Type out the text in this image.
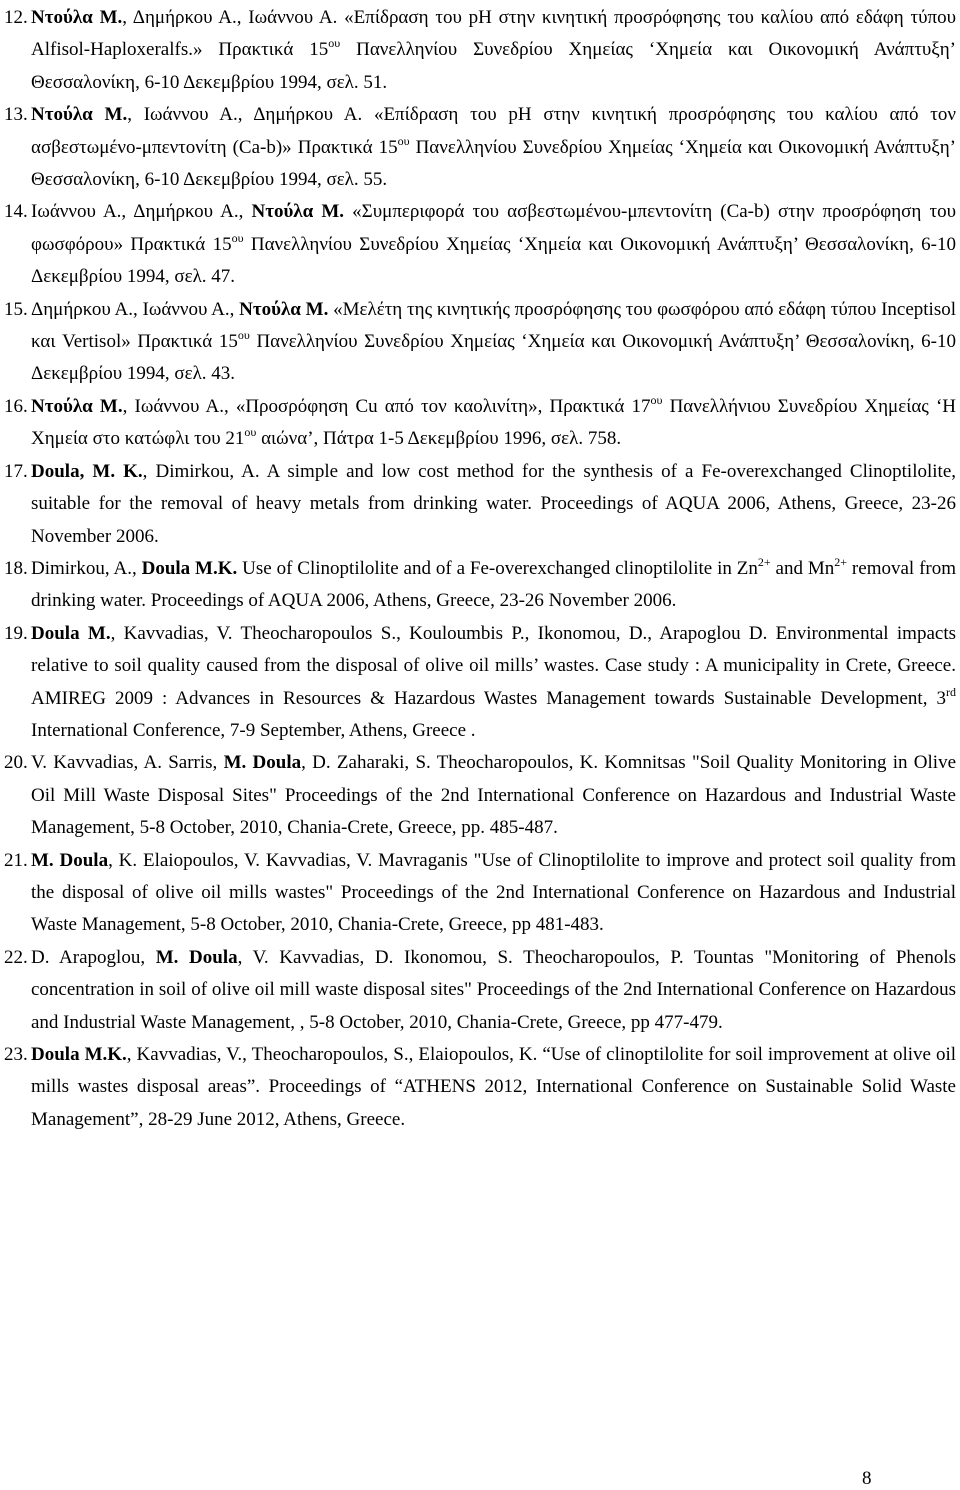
12. Ντούλα Μ., Δημήρκου Α., Ιωάννου Α. «Επίδραση του pH στην κινητική προσρόφησης του καλίου από εδάφη τύπου Alfisol-Haploxeralfs.» Πρακτικά $15^{o\upsilon}$ Πανελληνίου Συνεδρίου Χημείας ‘Χημεία και Οικονομική Ανάπτυξη’ Θεσσαλονίκη, 6-10 Δεκεμβρίου 1994, σελ. 51.
13. Ντούλα Μ., Ιωάννου Α., Δημήρκου Α. «Επίδραση του pH στην κινητική προσρόφησης του καλίου από τον ασβεστωμένο-μπεντονίτη (Ca-b)» Πρακτικά $15^{o\upsilon}$ Πανελληνίου Συνεδρίου Χημείας ‘Χημεία και Οικονομική Ανάπτυξη’ Θεσσαλονίκη, 6-10 Δεκεμβρίου 1994, σελ. 55.
14. Ιωάννου Α., Δημήρκου Α., Ντούλα Μ. «Συμπεριφορά του ασβεστωμένου-μπεντονίτη (Ca-b) στην προσρόφηση του φωσφόρου» Πρακτικά $15^{o\upsilon}$ Πανελληνίου Συνεδρίου Χημείας ‘Χημεία και Οικονομική Ανάπτυξη’ Θεσσαλονίκη, 6-10 Δεκεμβρίου 1994, σελ. 47.
15. Δημήρκου Α., Ιωάννου Α., Ντούλα Μ. «Μελέτη της κινητικής προσρόφησης του φωσφόρου από εδάφη τύπου Inceptisol και Vertisol» Πρακτικά $15^{o\upsilon}$ Πανελληνίου Συνεδρίου Χημείας ‘Χημεία και Οικονομική Ανάπτυξη’ Θεσσαλονίκη, 6-10 Δεκεμβρίου 1994, σελ. 43.
16. Ντούλα Μ., Ιωάννου Α., «Προσρόφηση Cu από τον καολινίτη», Πρακτικά $17^{o\upsilon}$ Πανελλήνιου Συνεδρίου Χημείας ‘Η Χημεία στο κατώφλι του $21^{o\upsilon}$ αιώνα’, Πάτρα 1-5 Δεκεμβρίου 1996, σελ. 758.
17. Doula, M. K., Dimirkou, A. A simple and low cost method for the synthesis of a Fe-overexchanged Clinoptilolite, suitable for the removal of heavy metals from drinking water. Proceedings of AQUA 2006, Athens, Greece, 23-26 November 2006.
18. Dimirkou, A., Doula M.K. Use of Clinoptilolite and of a Fe-overexchanged clinoptilolite in $Zn^{2+}$ and $Mn^{2+}$ removal from drinking water. Proceedings of AQUA 2006, Athens, Greece, 23-26 November 2006.
19. Doula M., Kavvadias, V. Theocharopoulos S., Kouloumbis P., Ikonomou, D., Arapoglou D. Environmental impacts relative to soil quality caused from the disposal of olive oil mills’ wastes. Case study : A municipality in Crete, Greece. AMIREG 2009 : Advances in Resources & Hazardous Wastes Management towards Sustainable Development, 3rd International Conference, 7-9 September, Athens, Greece .
20. V. Kavvadias, A. Sarris, M. Doula, D. Zaharaki, S. Theocharopoulos, K. Komnitsas "Soil Quality Monitoring in Olive Oil Mill Waste Disposal Sites" Proceedings of the 2nd International Conference on Hazardous and Industrial Waste Management, 5-8 October, 2010, Chania-Crete, Greece, pp. 485-487.
21. M. Doula, K. Elaiopoulos, V. Kavvadias, V. Mavraganis "Use of Clinoptilolite to improve and protect soil quality from the disposal of olive oil mills wastes" Proceedings of the 2nd International Conference on Hazardous and Industrial Waste Management, 5-8 October, 2010, Chania-Crete, Greece, pp 481-483.
22. D. Arapoglou, M. Doula, V. Kavvadias, D. Ikonomou, S. Theocharopoulos, P. Tountas "Monitoring of Phenols concentration in soil of olive oil mill waste disposal sites" Proceedings of the 2nd International Conference on Hazardous and Industrial Waste Management, , 5-8 October, 2010, Chania-Crete, Greece, pp 477-479.
23. Doula M.K., Kavvadias, V., Theocharopoulos, S., Elaiopoulos, K. “Use of clinoptilolite for soil improvement at olive oil mills wastes disposal areas”. Proceedings of “ATHENS 2012, International Conference on Sustainable Solid Waste Management”, 28-29 June 2012, Athens, Greece.
8
